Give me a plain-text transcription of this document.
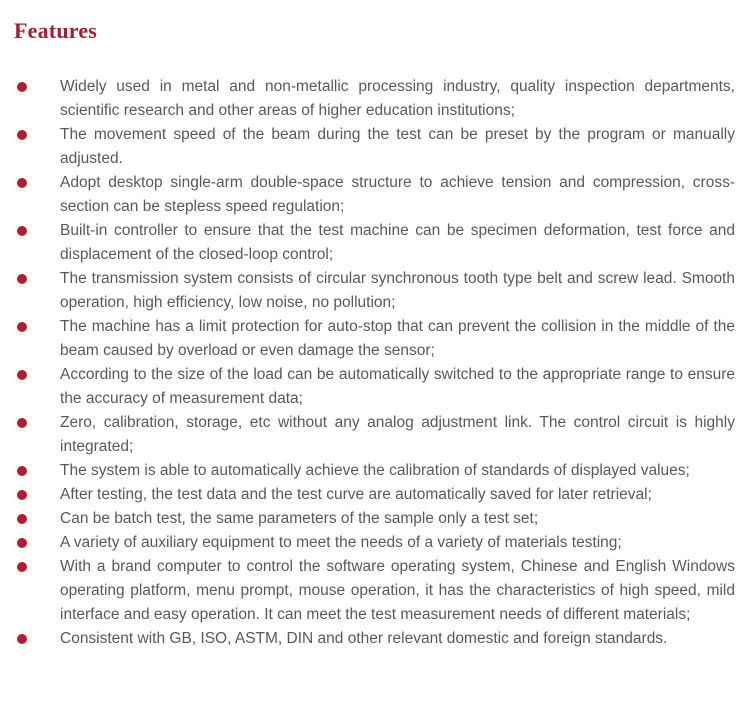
Features
Widely used in metal and non-metallic processing industry, quality inspection departments, scientific research and other areas of higher education institutions;
The movement speed of the beam during the test can be preset by the program or manually adjusted.
Adopt desktop single-arm double-space structure to achieve tension and compression, cross-section can be stepless speed regulation;
Built-in controller to ensure that the test machine can be specimen deformation, test force and displacement of the closed-loop control;
The transmission system consists of circular synchronous tooth type belt and screw lead. Smooth operation, high efficiency, low noise, no pollution;
The machine has a limit protection for auto-stop that can prevent the collision in the middle of the beam caused by overload or even damage the sensor;
According to the size of the load can be automatically switched to the appropriate range to ensure the accuracy of measurement data;
Zero, calibration, storage, etc without any analog adjustment link. The control circuit is highly integrated;
The system is able to automatically achieve the calibration of standards of displayed values;
After testing, the test data and the test curve are automatically saved for later retrieval;
Can be batch test, the same parameters of the sample only a test set;
A variety of auxiliary equipment to meet the needs of a variety of materials testing;
With a brand computer to control the software operating system, Chinese and English Windows operating platform, menu prompt, mouse operation, it has the characteristics of high speed, mild interface and easy operation. It can meet the test measurement needs of different materials;
Consistent with GB, ISO, ASTM, DIN and other relevant domestic and foreign standards.
